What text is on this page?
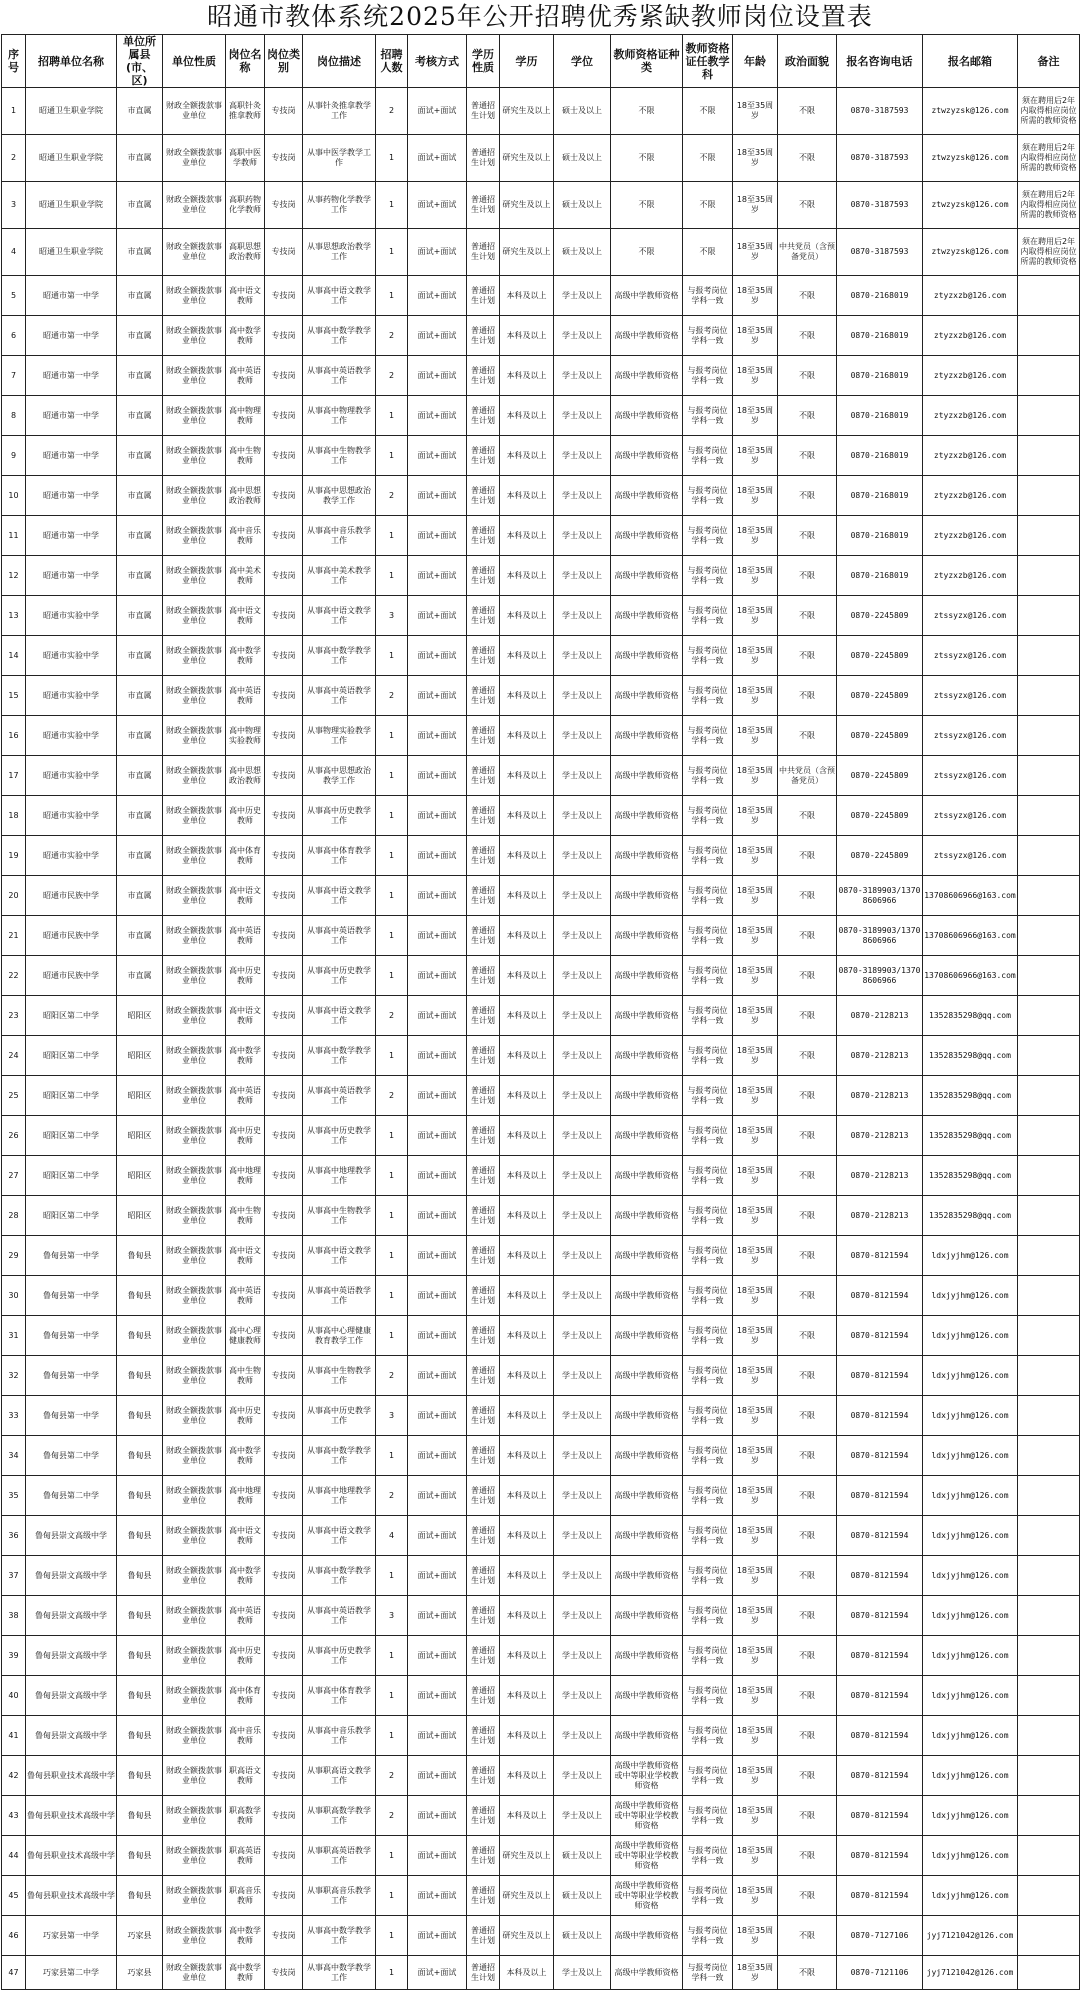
昭通市教体系统2025年公开招聘优秀紧缺教师岗位设置表
序号	招聘单位名称	单位所属县(市、区)	单位性质	岗位名称	岗位类别	岗位描述	招聘人数	考核方式	学历性质	学历	学位	教师资格证种类	教师资格证任教学科	年龄	政治面貌	报名咨询电话	报名邮箱	备注
1	昭通卫生职业学院	市直属	财政全额拨款事业单位	高职针灸推拿教师	专技岗	从事针灸推拿教学工作	2	面试+面试	普通招生计划	研究生及以上	硕士及以上	不限	不限	18至35周岁	不限	0870-3187593	ztwzyzsk@126.com	须在聘用后2年内取得相应岗位所需的教师资格
2	昭通卫生职业学院	市直属	财政全额拨款事业单位	高职中医学教师	专技岗	从事中医学教学工作	1	面试+面试	普通招生计划	研究生及以上	硕士及以上	不限	不限	18至35周岁	不限	0870-3187593	ztwzyzsk@126.com	须在聘用后2年内取得相应岗位所需的教师资格
3	昭通卫生职业学院	市直属	财政全额拨款事业单位	高职药物化学教师	专技岗	从事药物化学教学工作	1	面试+面试	普通招生计划	研究生及以上	硕士及以上	不限	不限	18至35周岁	不限	0870-3187593	ztwzyzsk@126.com	须在聘用后2年内取得相应岗位所需的教师资格
4	昭通卫生职业学院	市直属	财政全额拨款事业单位	高职思想政治教师	专技岗	从事思想政治教学工作	1	面试+面试	普通招生计划	研究生及以上	硕士及以上	不限	不限	18至35周岁	中共党员（含预备党员）	0870-3187593	ztwzyzsk@126.com	须在聘用后2年内取得相应岗位所需的教师资格
5	昭通市第一中学	市直属	财政全额拨款事业单位	高中语文教师	专技岗	从事高中语文教学工作	1	面试+面试	普通招生计划	本科及以上	学士及以上	高级中学教师资格	与报考岗位学科一致	18至35周岁	不限	0870-2168019	ztyzxzb@126.com	
6	昭通市第一中学	市直属	财政全额拨款事业单位	高中数学教师	专技岗	从事高中数学教学工作	2	面试+面试	普通招生计划	本科及以上	学士及以上	高级中学教师资格	与报考岗位学科一致	18至35周岁	不限	0870-2168019	ztyzxzb@126.com	
7	昭通市第一中学	市直属	财政全额拨款事业单位	高中英语教师	专技岗	从事高中英语教学工作	2	面试+面试	普通招生计划	本科及以上	学士及以上	高级中学教师资格	与报考岗位学科一致	18至35周岁	不限	0870-2168019	ztyzxzb@126.com	
8	昭通市第一中学	市直属	财政全额拨款事业单位	高中物理教师	专技岗	从事高中物理教学工作	1	面试+面试	普通招生计划	本科及以上	学士及以上	高级中学教师资格	与报考岗位学科一致	18至35周岁	不限	0870-2168019	ztyzxzb@126.com	
9	昭通市第一中学	市直属	财政全额拨款事业单位	高中生物教师	专技岗	从事高中生物教学工作	1	面试+面试	普通招生计划	本科及以上	学士及以上	高级中学教师资格	与报考岗位学科一致	18至35周岁	不限	0870-2168019	ztyzxzb@126.com	
10	昭通市第一中学	市直属	财政全额拨款事业单位	高中思想政治教师	专技岗	从事高中思想政治教学工作	2	面试+面试	普通招生计划	本科及以上	学士及以上	高级中学教师资格	与报考岗位学科一致	18至35周岁	不限	0870-2168019	ztyzxzb@126.com	
11	昭通市第一中学	市直属	财政全额拨款事业单位	高中音乐教师	专技岗	从事高中音乐教学工作	1	面试+面试	普通招生计划	本科及以上	学士及以上	高级中学教师资格	与报考岗位学科一致	18至35周岁	不限	0870-2168019	ztyzxzb@126.com	
12	昭通市第一中学	市直属	财政全额拨款事业单位	高中美术教师	专技岗	从事高中美术教学工作	1	面试+面试	普通招生计划	本科及以上	学士及以上	高级中学教师资格	与报考岗位学科一致	18至35周岁	不限	0870-2168019	ztyzxzb@126.com	
13	昭通市实验中学	市直属	财政全额拨款事业单位	高中语文教师	专技岗	从事高中语文教学工作	3	面试+面试	普通招生计划	本科及以上	学士及以上	高级中学教师资格	与报考岗位学科一致	18至35周岁	不限	0870-2245809	ztssyzx@126.com	
14	昭通市实验中学	市直属	财政全额拨款事业单位	高中数学教师	专技岗	从事高中数学教学工作	1	面试+面试	普通招生计划	本科及以上	学士及以上	高级中学教师资格	与报考岗位学科一致	18至35周岁	不限	0870-2245809	ztssyzx@126.com	
15	昭通市实验中学	市直属	财政全额拨款事业单位	高中英语教师	专技岗	从事高中英语教学工作	2	面试+面试	普通招生计划	本科及以上	学士及以上	高级中学教师资格	与报考岗位学科一致	18至35周岁	不限	0870-2245809	ztssyzx@126.com	
16	昭通市实验中学	市直属	财政全额拨款事业单位	高中物理实验教师	专技岗	从事物理实验教学工作	1	面试+面试	普通招生计划	本科及以上	学士及以上	高级中学教师资格	与报考岗位学科一致	18至35周岁	不限	0870-2245809	ztssyzx@126.com	
17	昭通市实验中学	市直属	财政全额拨款事业单位	高中思想政治教师	专技岗	从事高中思想政治教学工作	1	面试+面试	普通招生计划	本科及以上	学士及以上	高级中学教师资格	与报考岗位学科一致	18至35周岁	中共党员（含预备党员）	0870-2245809	ztssyzx@126.com	
18	昭通市实验中学	市直属	财政全额拨款事业单位	高中历史教师	专技岗	从事高中历史教学工作	1	面试+面试	普通招生计划	本科及以上	学士及以上	高级中学教师资格	与报考岗位学科一致	18至35周岁	不限	0870-2245809	ztssyzx@126.com	
19	昭通市实验中学	市直属	财政全额拨款事业单位	高中体育教师	专技岗	从事高中体育教学工作	1	面试+面试	普通招生计划	本科及以上	学士及以上	高级中学教师资格	与报考岗位学科一致	18至35周岁	不限	0870-2245809	ztssyzx@126.com	
20	昭通市民族中学	市直属	财政全额拨款事业单位	高中语文教师	专技岗	从事高中语文教学工作	1	面试+面试	普通招生计划	本科及以上	学士及以上	高级中学教师资格	与报考岗位学科一致	18至35周岁	不限	0870-3189903/13708606966	13708606966@163.com	
21	昭通市民族中学	市直属	财政全额拨款事业单位	高中英语教师	专技岗	从事高中英语教学工作	1	面试+面试	普通招生计划	本科及以上	学士及以上	高级中学教师资格	与报考岗位学科一致	18至35周岁	不限	0870-3189903/13708606966	13708606966@163.com	
22	昭通市民族中学	市直属	财政全额拨款事业单位	高中历史教师	专技岗	从事高中历史教学工作	1	面试+面试	普通招生计划	本科及以上	学士及以上	高级中学教师资格	与报考岗位学科一致	18至35周岁	不限	0870-3189903/13708606966	13708606966@163.com	
23	昭阳区第二中学	昭阳区	财政全额拨款事业单位	高中语文教师	专技岗	从事高中语文教学工作	2	面试+面试	普通招生计划	本科及以上	学士及以上	高级中学教师资格	与报考岗位学科一致	18至35周岁	不限	0870-2128213	1352835298@qq.com	
24	昭阳区第二中学	昭阳区	财政全额拨款事业单位	高中数学教师	专技岗	从事高中数学教学工作	1	面试+面试	普通招生计划	本科及以上	学士及以上	高级中学教师资格	与报考岗位学科一致	18至35周岁	不限	0870-2128213	1352835298@qq.com	
25	昭阳区第二中学	昭阳区	财政全额拨款事业单位	高中英语教师	专技岗	从事高中英语教学工作	2	面试+面试	普通招生计划	本科及以上	学士及以上	高级中学教师资格	与报考岗位学科一致	18至35周岁	不限	0870-2128213	1352835298@qq.com	
26	昭阳区第二中学	昭阳区	财政全额拨款事业单位	高中历史教师	专技岗	从事高中历史教学工作	1	面试+面试	普通招生计划	本科及以上	学士及以上	高级中学教师资格	与报考岗位学科一致	18至35周岁	不限	0870-2128213	1352835298@qq.com	
27	昭阳区第二中学	昭阳区	财政全额拨款事业单位	高中地理教师	专技岗	从事高中地理教学工作	1	面试+面试	普通招生计划	本科及以上	学士及以上	高级中学教师资格	与报考岗位学科一致	18至35周岁	不限	0870-2128213	1352835298@qq.com	
28	昭阳区第二中学	昭阳区	财政全额拨款事业单位	高中生物教师	专技岗	从事高中生物教学工作	1	面试+面试	普通招生计划	本科及以上	学士及以上	高级中学教师资格	与报考岗位学科一致	18至35周岁	不限	0870-2128213	1352835298@qq.com	
29	鲁甸县第一中学	鲁甸县	财政全额拨款事业单位	高中语文教师	专技岗	从事高中语文教学工作	1	面试+面试	普通招生计划	本科及以上	学士及以上	高级中学教师资格	与报考岗位学科一致	18至35周岁	不限	0870-8121594	ldxjyjhm@126.com	
30	鲁甸县第一中学	鲁甸县	财政全额拨款事业单位	高中英语教师	专技岗	从事高中英语教学工作	1	面试+面试	普通招生计划	本科及以上	学士及以上	高级中学教师资格	与报考岗位学科一致	18至35周岁	不限	0870-8121594	ldxjyjhm@126.com	
31	鲁甸县第一中学	鲁甸县	财政全额拨款事业单位	高中心理健康教师	专技岗	从事高中心理健康教育教学工作	1	面试+面试	普通招生计划	本科及以上	学士及以上	高级中学教师资格	与报考岗位学科一致	18至35周岁	不限	0870-8121594	ldxjyjhm@126.com	
32	鲁甸县第一中学	鲁甸县	财政全额拨款事业单位	高中生物教师	专技岗	从事高中生物教学工作	2	面试+面试	普通招生计划	本科及以上	学士及以上	高级中学教师资格	与报考岗位学科一致	18至35周岁	不限	0870-8121594	ldxjyjhm@126.com	
33	鲁甸县第一中学	鲁甸县	财政全额拨款事业单位	高中历史教师	专技岗	从事高中历史教学工作	3	面试+面试	普通招生计划	本科及以上	学士及以上	高级中学教师资格	与报考岗位学科一致	18至35周岁	不限	0870-8121594	ldxjyjhm@126.com	
34	鲁甸县第二中学	鲁甸县	财政全额拨款事业单位	高中数学教师	专技岗	从事高中数学教学工作	1	面试+面试	普通招生计划	本科及以上	学士及以上	高级中学教师资格	与报考岗位学科一致	18至35周岁	不限	0870-8121594	ldxjyjhm@126.com	
35	鲁甸县第二中学	鲁甸县	财政全额拨款事业单位	高中地理教师	专技岗	从事高中地理教学工作	2	面试+面试	普通招生计划	本科及以上	学士及以上	高级中学教师资格	与报考岗位学科一致	18至35周岁	不限	0870-8121594	ldxjyjhm@126.com	
36	鲁甸县崇文高级中学	鲁甸县	财政全额拨款事业单位	高中语文教师	专技岗	从事高中语文教学工作	4	面试+面试	普通招生计划	本科及以上	学士及以上	高级中学教师资格	与报考岗位学科一致	18至35周岁	不限	0870-8121594	ldxjyjhm@126.com	
37	鲁甸县崇文高级中学	鲁甸县	财政全额拨款事业单位	高中数学教师	专技岗	从事高中数学教学工作	1	面试+面试	普通招生计划	本科及以上	学士及以上	高级中学教师资格	与报考岗位学科一致	18至35周岁	不限	0870-8121594	ldxjyjhm@126.com	
38	鲁甸县崇文高级中学	鲁甸县	财政全额拨款事业单位	高中英语教师	专技岗	从事高中英语教学工作	3	面试+面试	普通招生计划	本科及以上	学士及以上	高级中学教师资格	与报考岗位学科一致	18至35周岁	不限	0870-8121594	ldxjyjhm@126.com	
39	鲁甸县崇文高级中学	鲁甸县	财政全额拨款事业单位	高中历史教师	专技岗	从事高中历史教学工作	1	面试+面试	普通招生计划	本科及以上	学士及以上	高级中学教师资格	与报考岗位学科一致	18至35周岁	不限	0870-8121594	ldxjyjhm@126.com	
40	鲁甸县崇文高级中学	鲁甸县	财政全额拨款事业单位	高中体育教师	专技岗	从事高中体育教学工作	1	面试+面试	普通招生计划	本科及以上	学士及以上	高级中学教师资格	与报考岗位学科一致	18至35周岁	不限	0870-8121594	ldxjyjhm@126.com	
41	鲁甸县崇文高级中学	鲁甸县	财政全额拨款事业单位	高中音乐教师	专技岗	从事高中音乐教学工作	1	面试+面试	普通招生计划	本科及以上	学士及以上	高级中学教师资格	与报考岗位学科一致	18至35周岁	不限	0870-8121594	ldxjyjhm@126.com	
42	鲁甸县职业技术高级中学	鲁甸县	财政全额拨款事业单位	职高语文教师	专技岗	从事职高语文教学工作	2	面试+面试	普通招生计划	本科及以上	学士及以上	高级中学教师资格或中等职业学校教师资格	与报考岗位学科一致	18至35周岁	不限	0870-8121594	ldxjyjhm@126.com	
43	鲁甸县职业技术高级中学	鲁甸县	财政全额拨款事业单位	职高数学教师	专技岗	从事职高数学教学工作	2	面试+面试	普通招生计划	本科及以上	学士及以上	高级中学教师资格或中等职业学校教师资格	与报考岗位学科一致	18至35周岁	不限	0870-8121594	ldxjyjhm@126.com	
44	鲁甸县职业技术高级中学	鲁甸县	财政全额拨款事业单位	职高英语教师	专技岗	从事职高英语教学工作	1	面试+面试	普通招生计划	研究生及以上	硕士及以上	高级中学教师资格或中等职业学校教师资格	与报考岗位学科一致	18至35周岁	不限	0870-8121594	ldxjyjhm@126.com	
45	鲁甸县职业技术高级中学	鲁甸县	财政全额拨款事业单位	职高音乐教师	专技岗	从事职高音乐教学工作	1	面试+面试	普通招生计划	研究生及以上	硕士及以上	高级中学教师资格或中等职业学校教师资格	与报考岗位学科一致	18至35周岁	不限	0870-8121594	ldxjyjhm@126.com	
46	巧家县第一中学	巧家县	财政全额拨款事业单位	高中数学教师	专技岗	从事高中数学教学工作	1	面试+面试	普通招生计划	研究生及以上	硕士及以上	高级中学教师资格	与报考岗位学科一致	18至35周岁	不限	0870-7127106	jyj7121042@126.com	
47	巧家县第二中学	巧家县	财政全额拨款事业单位	高中数学教师	专技岗	从事高中数学教学工作	1	面试+面试	普通招生计划	本科及以上	学士及以上	高级中学教师资格	与报考岗位学科一致	18至35周岁	不限	0870-7121106	jyj7121042@126.com	
